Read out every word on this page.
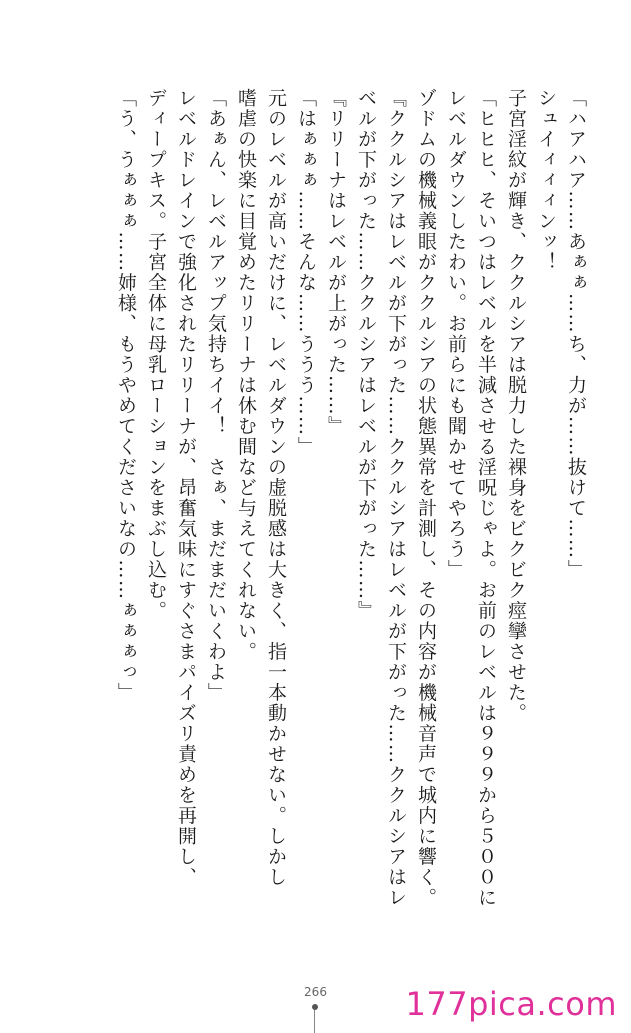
「ハアハア……あぁぁ……ち、力が……抜けて……」

シュイィィィンッ！

子宮淫紋が輝き、ククルシアは脱力した裸身をビクビク痙攣させた。

「ヒヒヒ、そいつはレベルを半減させる淫呪じゃよ。お前のレベルは９９９から５００に

レベルダウンしたわい。お前らにも聞かせてやろう」

ゾドムの機械義眼がククルシアの状態異常を計測し、その内容が機械音声で城内に響く。

『ククルシアはレベルが下がった……ククルシアはレベルが下がった……ククルシアはレ

ベルが下がった……ククルシアはレベルが下がった……』

『リリーナはレベルが上がった……』

「はぁぁぁ……そんな……ううう……」

元のレベルが高いだけに、レベルダウンの虚脱感は大きく、指一本動かせない。しかし

嗜虐の快楽に目覚めたリリーナは休む間など与えてくれない。

「あぁん、レベルアップ気持ちイイ！　さぁ、まだまだいくわよ」

レベルドレインで強化されたリリーナが、昂奮気味にすぐさまパイズリ責めを再開し、

ディープキス。子宮全体に母乳ローションをまぶし込む。

「う、うぁぁぁ……姉様、もうやめてくださいなの……ぁぁぁっ」

266	177pica.com
